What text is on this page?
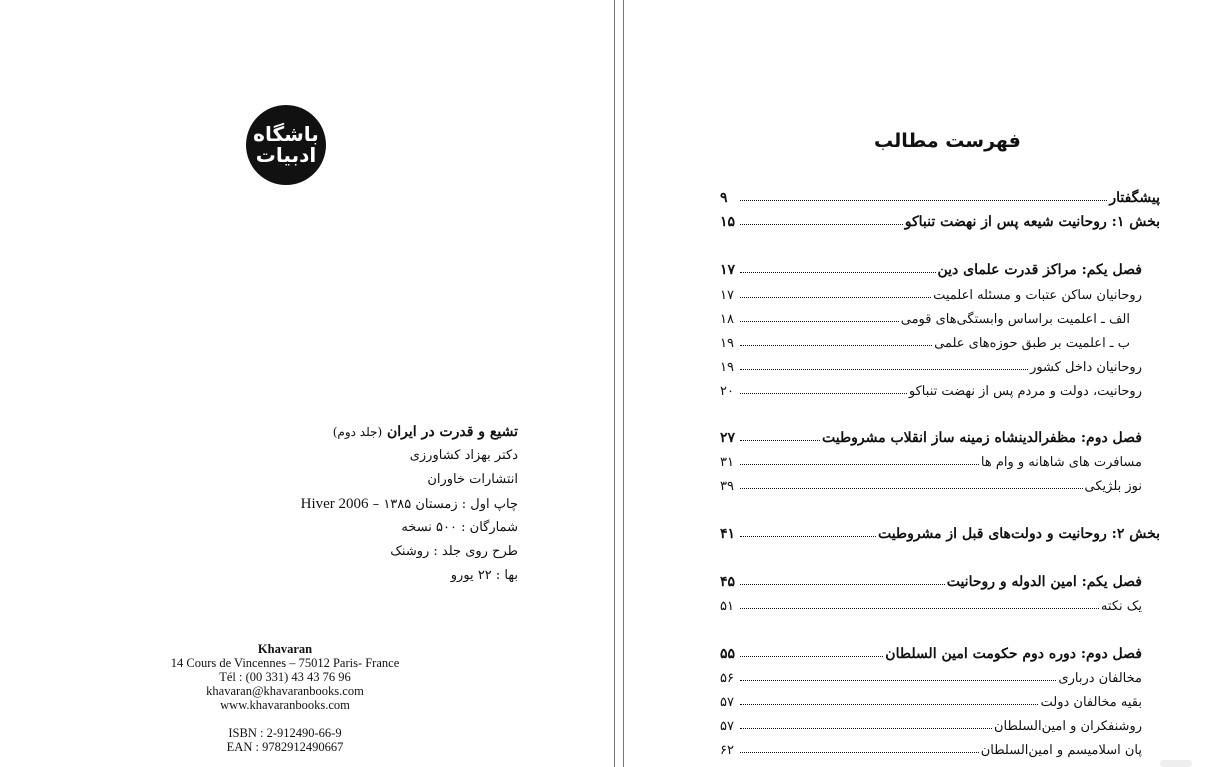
باشگاه
ادبیات
تشیع و قدرت در ایران (جلد دوم)
دکتر بهزاد کشاورزی
انتشارات خاوران
چاپ اول : زمستان ۱۳۸۵ – Hiver 2006
شمارگان : ۵۰۰ نسخه
طرح روی جلد : روشنک
بها : ۲۲ یورو
Khavaran
14 Cours de Vincennes – 75012 Paris- France
Tél : (00 331) 43 43 76 96
khavaran@khavaranbooks.com
www.khavaranbooks.com
ISBN : 2-912490-66-9
EAN : 9782912490667
فهرست مطالب
پیشگفتار
۹
بخش ۱: روحانیت شیعه پس از نهضت تنباکو
۱۵
فصل یکم: مراکز قدرت علمای دین
۱۷
روحانیان ساکن عتبات و مسئله اعلمیت
۱۷
الف ـ اعلمیت براساس وابستگی‌های قومی
۱۸
ب ـ اعلمیت بر طبق حوزه‌های علمی
۱۹
روحانیان داخل کشور
۱۹
روحانیت، دولت و مردم پس از نهضت تنباکو
۲۰
فصل دوم: مظفرالدینشاه زمینه ساز انقلاب مشروطیت
۲۷
مسافرت های شاهانه و وام ها
۳۱
نوز بلژیکی
۳۹
بخش ۲: روحانیت و دولت‌های قبل از مشروطیت
۴۱
فصل یکم: امین الدوله و روحانیت
۴۵
یک نکته
۵۱
فصل دوم: دوره دوم حکومت امین السلطان
۵۵
مخالفان درباری
۵۶
بقیه مخالفان دولت
۵۷
روشنفکران و امین‌السلطان
۵۷
پان اسلامیسم و امین‌السلطان
۶۲
